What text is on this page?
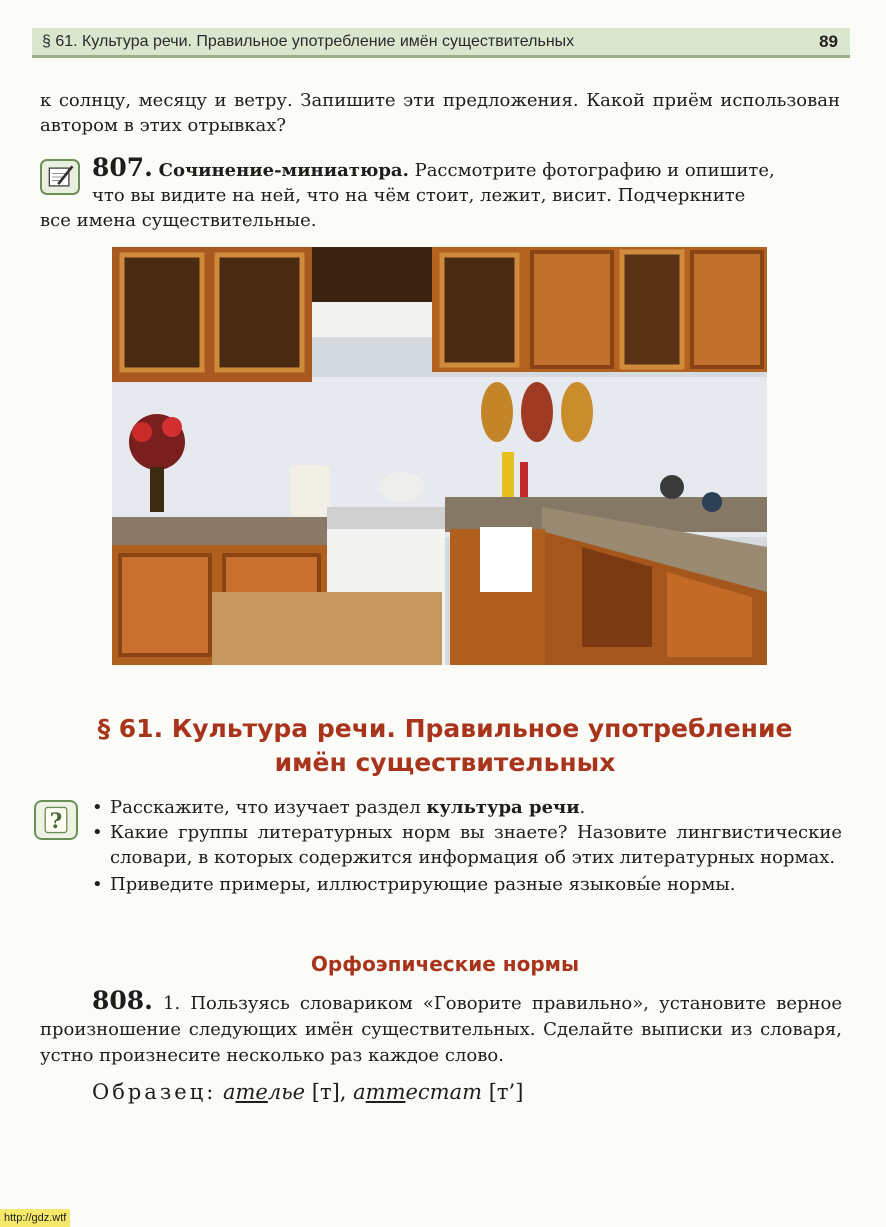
§ 61. Культура речи. Правильное употребление имён существительных	89

к солнцу, месяцу и ветру. Запишите эти предложения. Какой приём использован автором в этих отрывках?

807. Сочинение-миниатюра. Рассмотрите фотографию и опишите,
что вы видите на ней, что на чём стоит, лежит, висит. Подчеркните
все имена существительные.
§ 61. Культура речи. Правильное употребление
имён существительных
?
• Расскажите, что изучает раздел культура речи.
• Какие группы литературных норм вы знаете? Назовите лингвистические словари, в которых содержится информация об этих литературных нормах.
• Приведите примеры, иллюстрирующие разные языковы́е нормы.
Орфоэпические нормы

808. 1. Пользуясь словариком «Говорите правильно», установите верное произношение следующих имён существительных. Сделайте выписки из словаря, устно произнесите несколько раз каждое слово.

Образец: ателье [т], аттестат [т’]
http://gdz.wtf
